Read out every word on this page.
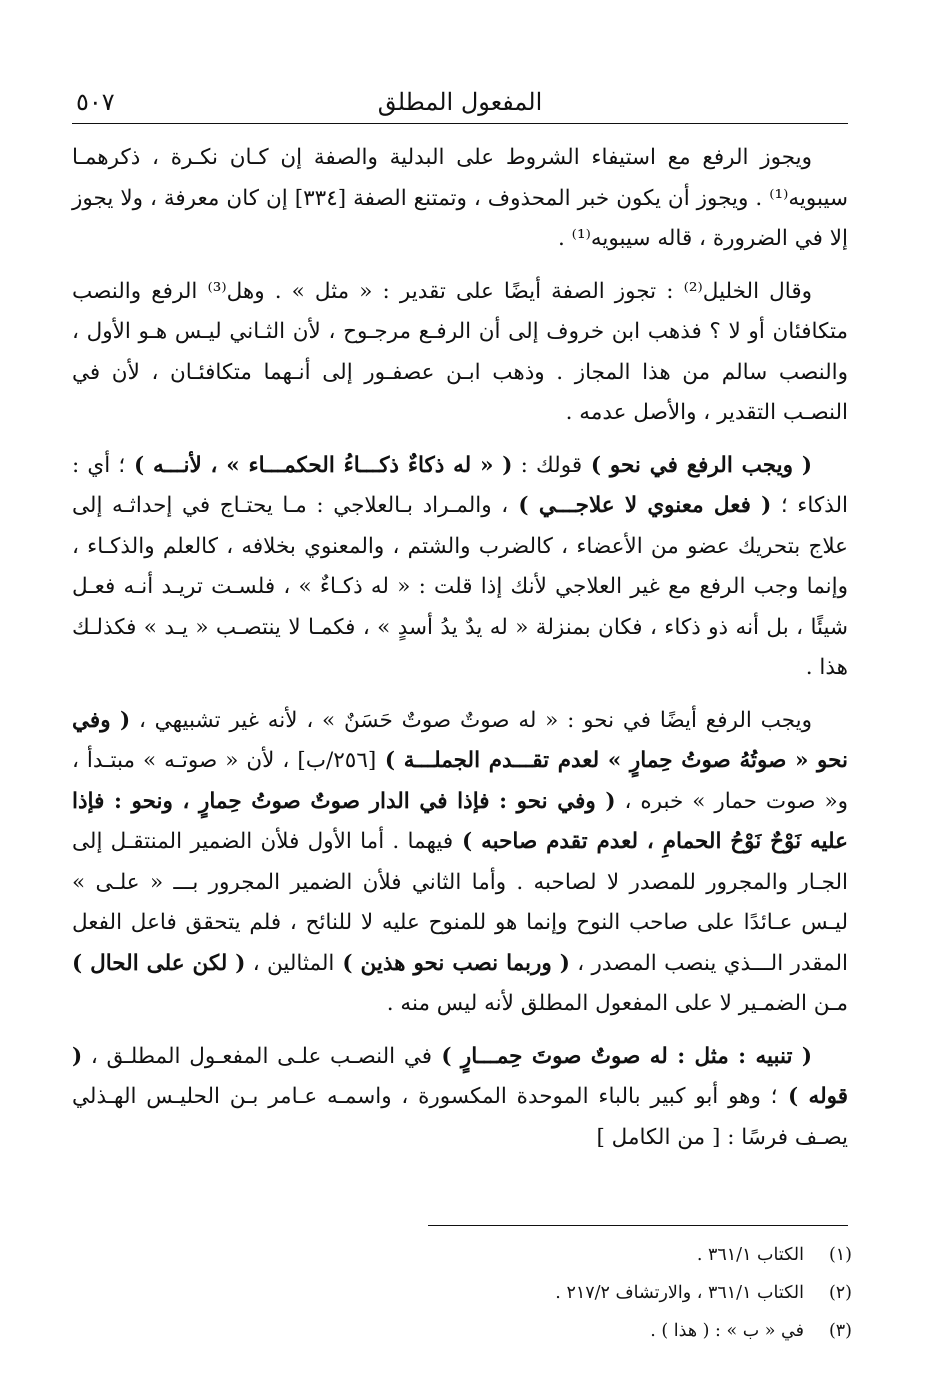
المفعول المطلق
٥٠٧

ويجوز الرفع مع استيفاء الشروط على البدلية والصفة إن كـان نكـرة ، ذكرهمـا سيبويه⁽¹⁾ . ويجوز أن يكون خبر المحذوف ، وتمتنع الصفة [٣٣٤] إن كان معرفة ، ولا يجوز إلا في الضرورة ، قاله سيبويه⁽¹⁾ .

وقال الخليل⁽²⁾ : تجوز الصفة أيضًا على تقدير : « مثل » . وهل⁽³⁾ الرفع والنصب متكافئان أو لا ؟ فذهب ابن خروف إلى أن الرفـع مرجـوح ، لأن الثـاني ليـس هـو الأول ، والنصب سالم من هذا المجاز . وذهب ابـن عصفـور إلى أنـهما متكافئـان ، لأن في النصـب التقدير ، والأصل عدمه .

( ويجب الرفع في نحو ) قولك : ( « له ذكاءٌ ذكـــاءُ الحكمـــاء » ، لأنـــه ) ؛ أي : الذكاء ؛ ( فعل معنوي لا علاجـــي ) ، والمـراد بـالعلاجي : مـا يحتـاج في إحداثـه إلى علاج بتحريك عضو من الأعضاء ، كالضرب والشتم ، والمعنوي بخلافه ، كالعلم والذكـاء ، وإنما وجب الرفع مع غير العلاجي لأنك إذا قلت : « له ذكـاءٌ » ، فلسـت تريـد أنـه فعـل شيئًا ، بل أنه ذو ذكاء ، فكان بمنزلة « له يدٌ يدُ أسدٍ » ، فكمـا لا ينتصـب « يـد » فكذلـك هذا .

ويجب الرفع أيضًا في نحو : « له صوتٌ صوتٌ حَسَنٌ » ، لأنه غير تشبيهي ، ( وفي نحو « صوتُهُ صوتُ حِمارٍ » لعدم تقـــدم الجملـــة ) [٢٥٦/ب] ، لأن « صوتـه » مبتـدأ ، و« صوت حمار » خبره ، ( وفي نحو : فإذا في الدار صوتٌ صوتُ حِمارٍ ، ونحو : فإذا عليه نَوْحٌ نَوْحُ الحمامِ ، لعدم تقدم صاحبه ) فيهما . أما الأول فلأن الضمير المنتقـل إلى الجـار والمجرور للمصدر لا لصاحبه . وأما الثاني فلأن الضمير المجرور بـــ « علـى » ليـس عـائدًا على صاحب النوح وإنما هو للمنوح عليه لا للنائح ، فلم يتحقق فاعل الفعل المقدر الـــذي ينصب المصدر ، ( وربما نصب نحو هذين ) المثالين ، ( لكن على الحال ) مـن الضمـير لا على المفعول المطلق لأنه ليس منه .

( تنبيه : مثل : له صوتٌ صوتَ حِمـــارٍ ) في النصـب علـى المفعـول المطلـق ، ( قوله ) ؛ وهو أبو كبير بالباء الموحدة المكسورة ، واسمـه عـامر بـن الحليـس الهـذلي يصـف فرسًا : [ من الكامل ]

(١)
الكتاب ٣٦١/١ .
(٢)
الكتاب ٣٦١/١ ، والارتشاف ٢١٧/٢ .
(٣)
في « ب » : ( هذا ) .
